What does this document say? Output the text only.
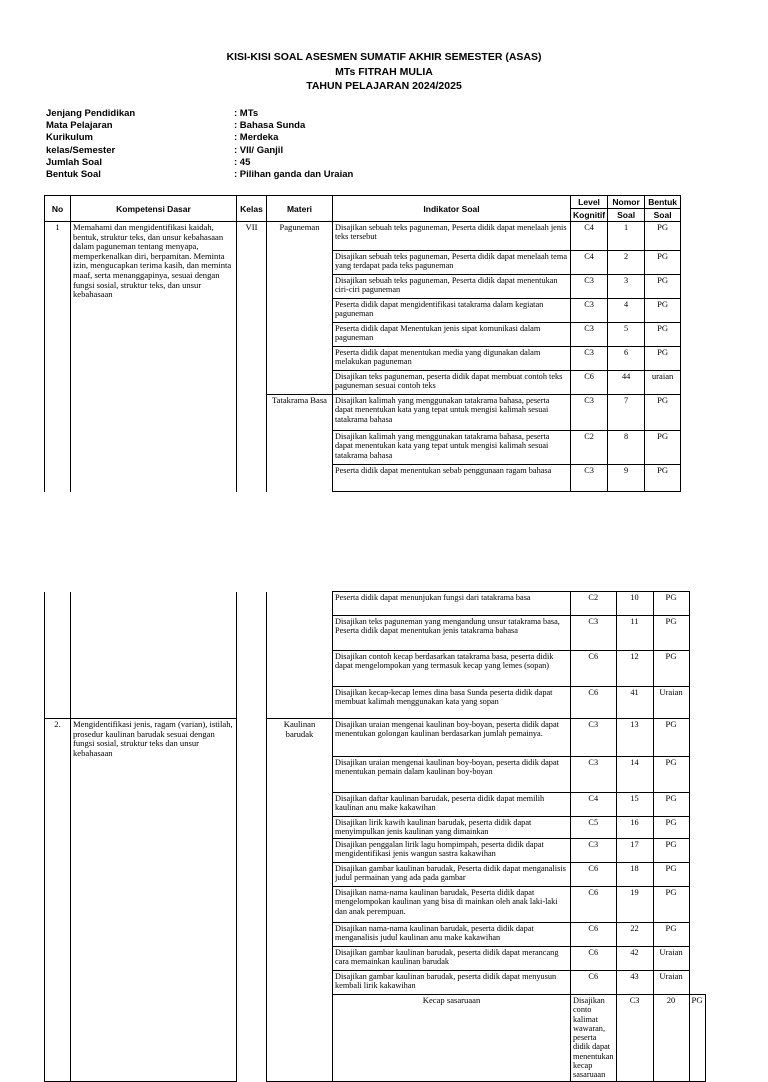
KISI-KISI SOAL ASESMEN SUMATIF AKHIR SEMESTER (ASAS)
MTs FITRAH MULIA
TAHUN PELAJARAN 2024/2025
Jenjang Pendidikan	: MTs
Mata Pelajaran	: Bahasa Sunda
Kurikulum	: Merdeka
kelas/Semester	: VII/ Ganjil
Jumlah Soal	: 45
Bentuk Soal	: Pilihan ganda dan Uraian
No	Kompetensi Dasar	Kelas	Materi	Indikator Soal	Level	Nomor	Bentuk
					Kognitif	Soal	Soal
1	Memahami dan mengidentifikasi kaidah, bentuk, struktur teks, dan unsur kebahasaan dalam paguneman tentang menyapa, memperkenalkan diri, berpamitan. Meminta izin, mengucapkan terima kasih, dan meminta maaf, serta menanggapinya, sesuai dengan fungsi sosial, struktur teks, dan unsur kebahasaan	VII	Paguneman	Disajikan sebuah teks paguneman, Peserta didik dapat menelaah jenis teks tersebut	C4	1	PG
				Disajikan sebuah teks paguneman, Peserta didik dapat menelaah tema yang terdapat pada teks paguneman	C4	2	PG
				Disajikan sebuah teks paguneman, Peserta didik dapat menentukan ciri-ciri paguneman	C3	3	PG
				Peserta didik dapat mengidentifikasi tatakrama dalam kegiatan paguneman	C3	4	PG
				Peserta didik dapat Menentukan jenis sipat komunikasi dalam paguneman	C3	5	PG
				Peserta didik dapat menentukan media yang digunakan dalam melakukan paguneman	C3	6	PG
				Disajikan teks paguneman, peserta didik dapat membuat contoh teks paguneman sesuai contoh teks	C6	44	uraian
			Tatakrama Basa	Disajikan kalimah yang menggunakan tatakrama bahasa, peserta dapat menentukan kata yang tepat untuk mengisi kalimah sesuai tatakrama bahasa	C3	7	PG
				Disajikan kalimah yang menggunakan tatakrama bahasa, peserta dapat menentukan kata yang tepat untuk mengisi kalimah sesuai tatakrama bahasa	C2	8	PG
				Peserta didik dapat menentukan sebab penggunaan ragam bahasa	C3	9	PG
				Peserta didik dapat menunjukan fungsi dari tatakrama basa	C2	10	PG	
				Disajikan teks paguneman yang mengandung unsur tatakrama basa, Peserta didik dapat menentukan jenis tatakrama bahasa	C3	11	PG	
				Disajikan contoh kecap berdasarkan tatakrama basa, peserta didik dapat mengelompokan yang termasuk kecap yang lemes (sopan)	C6	12	PG	
				Disajikan kecap-kecap lemes dina basa Sunda peserta didik dapat membuat kalimah menggunakan kata yang sopan	C6	41	Uraian	
2.	Mengidentifikasi jenis, ragam (varian), istilah, prosedur kaulinan barudak sesuai dengan fungsi sosial, struktur teks dan unsur kebahasaan		Kaulinan barudak	Disajikan uraian mengenai kaulinan boy-boyan, peserta didik dapat menentukan golongan kaulinan berdasarkan jumlah pemainya.	C3	13	PG	
				Disajikan uraian mengenai kaulinan boy-boyan, peserta didik dapat menentukan pemain dalam kaulinan boy-boyan	C3	14	PG	
				Disajikan daftar kaulinan barudak, peserta didik dapat memilih kaulinan anu make kakawihan	C4	15	PG	
				Disajikan lirik kawih kaulinan barudak, peserta didik dapat menyimpulkan jenis kaulinan yang dimainkan	C5	16	PG	
				Disajikan penggalan lirik lagu hompimpah, peserta didik dapat mengidentifikasi jenis wangun sastra kakawihan	C3	17	PG	
				Disajikan gambar kaulinan barudak, Peserta didik dapat menganalisis judul permainan yang ada pada gambar	C6	18	PG	
				Disajikan nama-nama kaulinan barudak, Peserta didik dapat mengelompokan kaulinan yang bisa di mainkan oleh anak laki-laki dan anak perempuan.	C6	19	PG	
				Disajikan nama-nama kaulinan barudak, peserta didik dapat menganalisis judul kaulinan anu make kakawihan	C6	22	PG	
				Disajikan gambar kaulinan barudak, peserta didik dapat merancang cara memainkan kaulinan barudak	C6	42	Uraian	
				Disajikan gambar kaulinan barudak, peserta didik dapat menyusun kembali lirik kakawihan	C6	43	Uraian	
				Kecap sasaruaan	Disajikan conto kalimat wawaran, peserta didik dapat menentukan kecap sasaruaan	C3	20	PG
